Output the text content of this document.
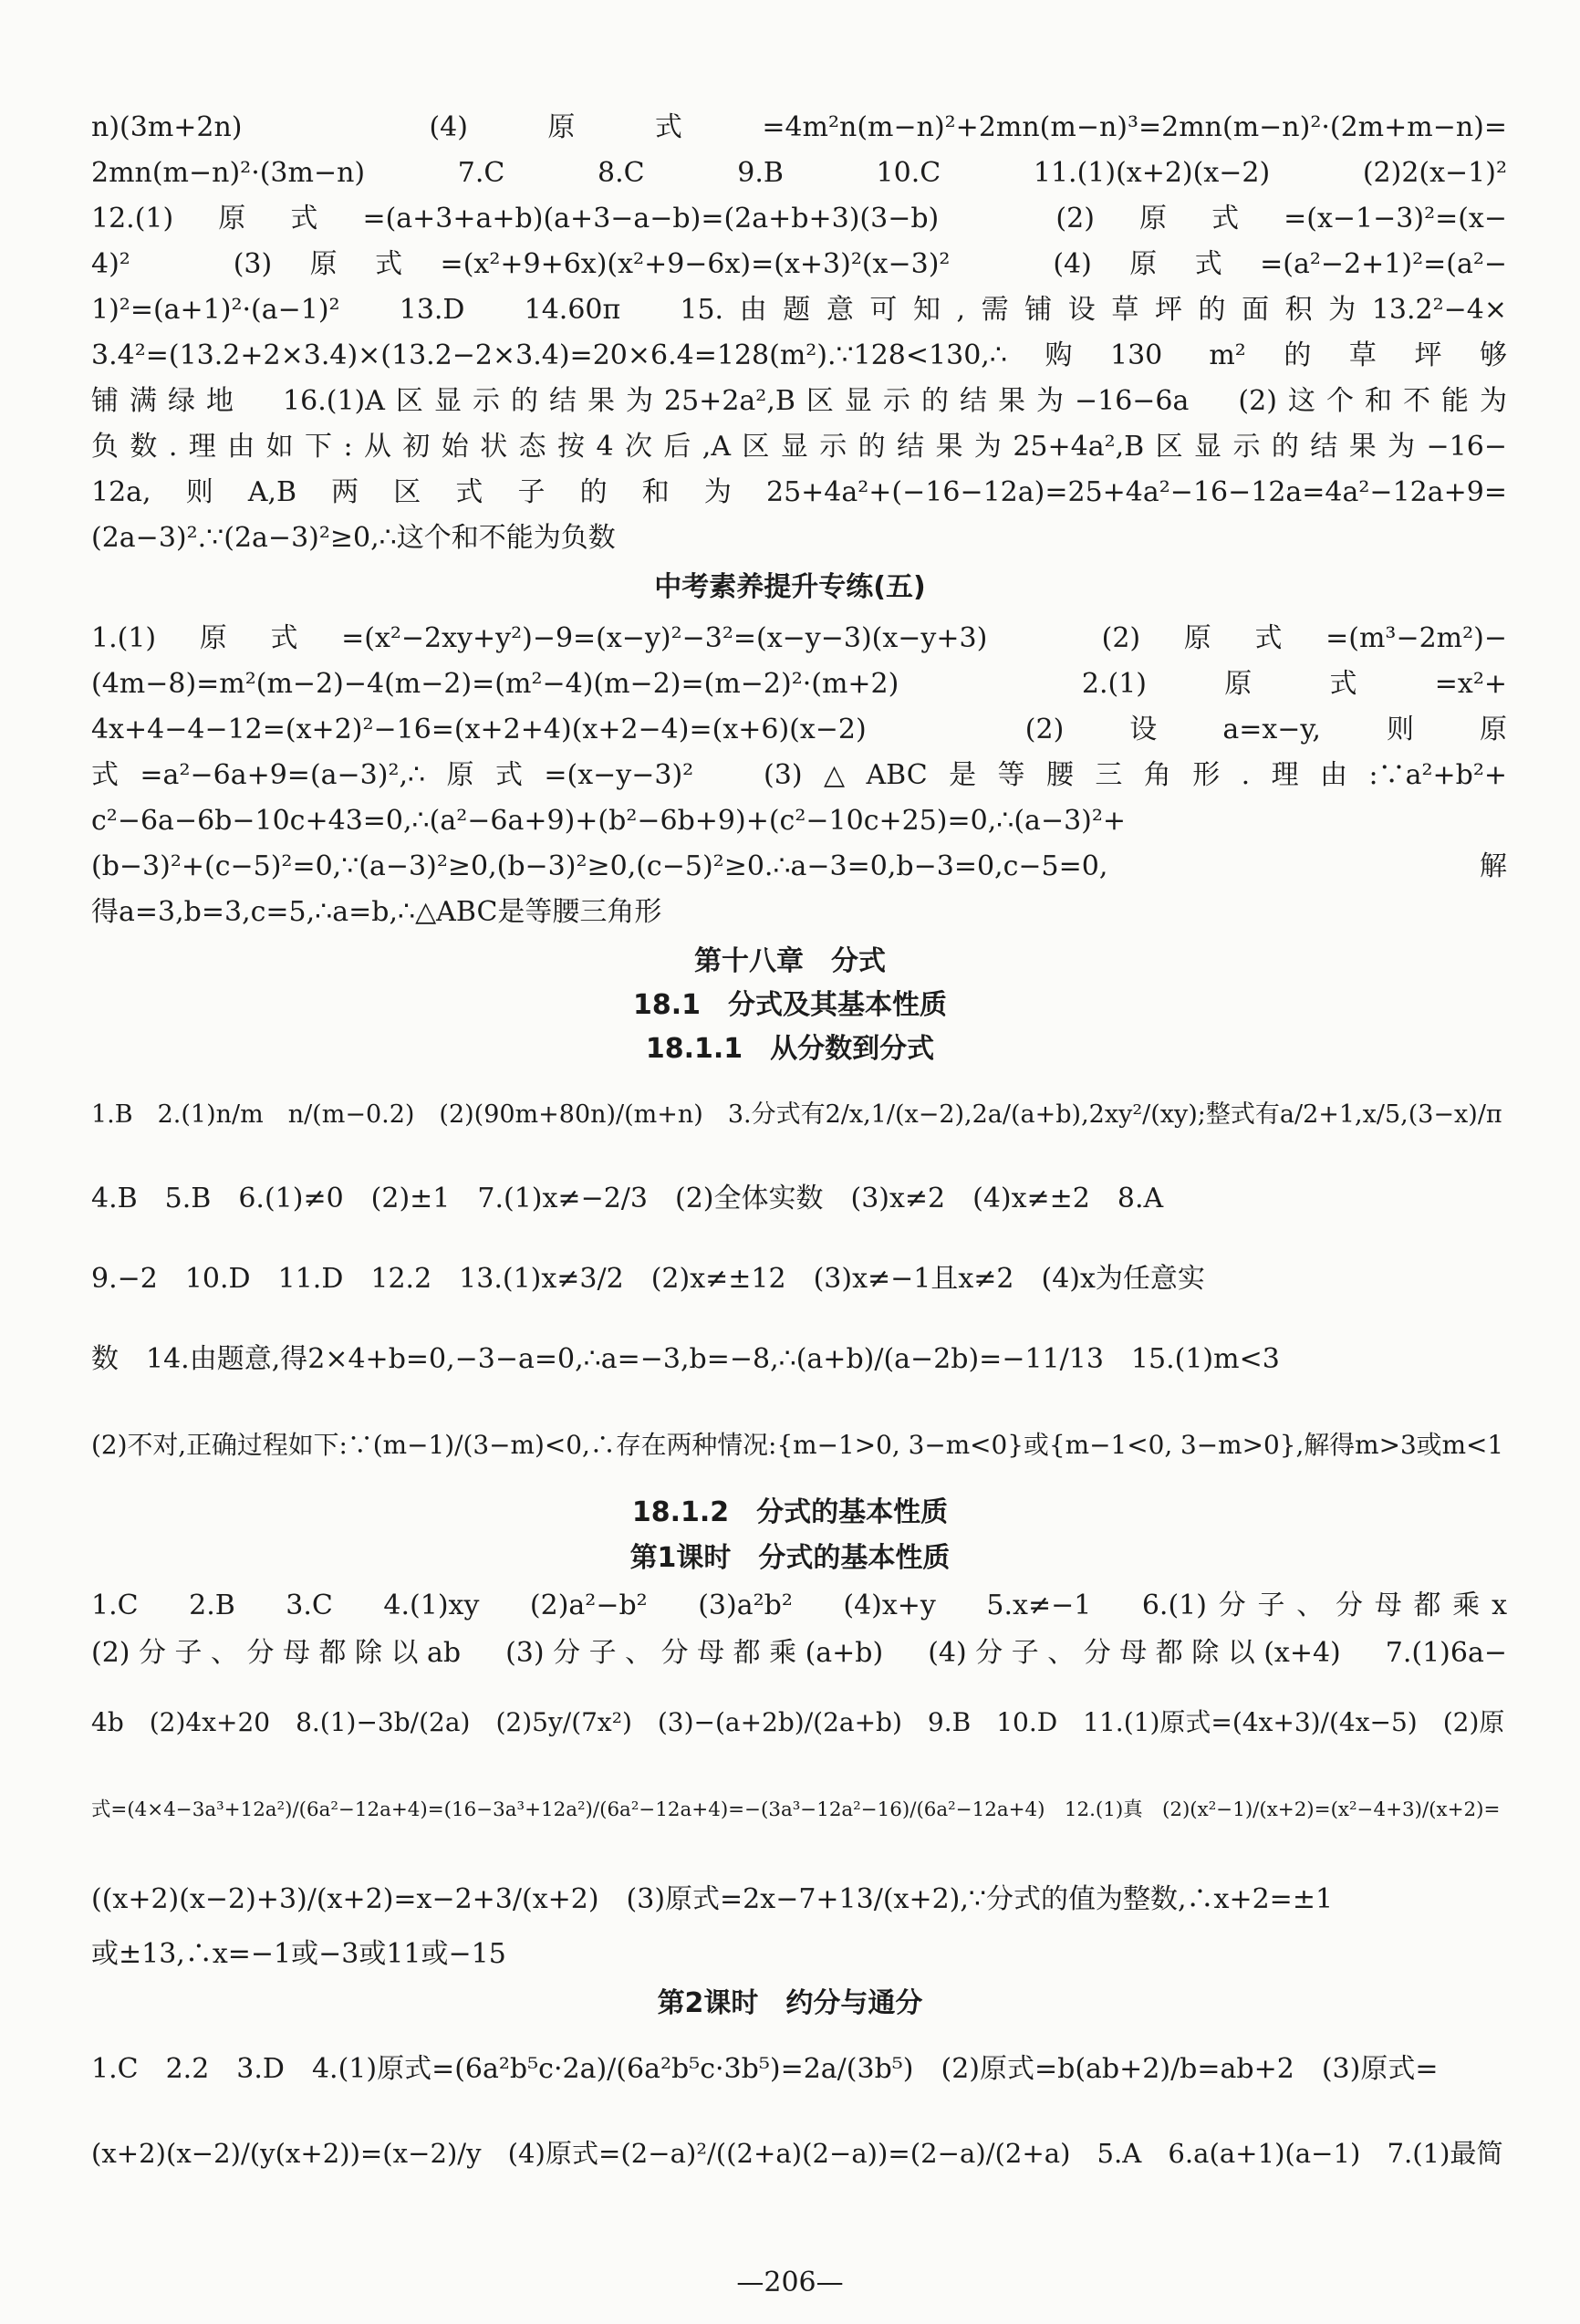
n)(3m+2n)　(4)原式=4m²n(m−n)²+2mn(m−n)³=2mn(m−n)²·(2m+m−n)=
2mn(m−n)²·(3m−n)　7.C　8.C　9.B　10.C　11.(1)(x+2)(x−2)　(2)2(x−1)²
12.(1)原式=(a+3+a+b)(a+3−a−b)=(2a+b+3)(3−b)　(2)原式=(x−1−3)²=(x−
4)²　(3)原式=(x²+9+6x)(x²+9−6x)=(x+3)²(x−3)²　(4)原式=(a²−2+1)²=(a²−
1)²=(a+1)²·(a−1)²　13.D　14.60π　15.由题意可知,需铺设草坪的面积为13.2²−4×
3.4²=(13.2+2×3.4)×(13.2−2×3.4)=20×6.4=128(m²).∵128<130,∴购130 m²的草坪够
铺满绿地　16.(1)A区显示的结果为25+2a²,B区显示的结果为−16−6a　(2)这个和不能为
负数.理由如下:从初始状态按4次后,A区显示的结果为25+4a²,B区显示的结果为−16−
12a,则A,B两区式子的和为25+4a²+(−16−12a)=25+4a²−16−12a=4a²−12a+9=
(2a−3)².∵(2a−3)²≥0,∴这个和不能为负数
中考素养提升专练(五)
1.(1)原式=(x²−2xy+y²)−9=(x−y)²−3²=(x−y−3)(x−y+3)　(2)原式=(m³−2m²)−
(4m−8)=m²(m−2)−4(m−2)=(m²−4)(m−2)=(m−2)²·(m+2)　2.(1)原式=x²+
4x+4−4−12=(x+2)²−16=(x+2+4)(x+2−4)=(x+6)(x−2)　(2)设a=x−y,则原
式=a²−6a+9=(a−3)²,∴原式=(x−y−3)²　(3)△ABC是等腰三角形.理由:∵a²+b²+
c²−6a−6b−10c+43=0,∴(a²−6a+9)+(b²−6b+9)+(c²−10c+25)=0,∴(a−3)²+
(b−3)²+(c−5)²=0,∵(a−3)²≥0,(b−3)²≥0,(c−5)²≥0.∴a−3=0,b−3=0,c−5=0,解
得a=3,b=3,c=5,∴a=b,∴△ABC是等腰三角形
第十八章　分式
18.1　分式及其基本性质
18.1.1　从分数到分式
1.B　2.(1)n/m　n/(m−0.2)　(2)(90m+80n)/(m+n)　3.分式有2/x,1/(x−2),2a/(a+b),2xy²/(xy);整式有a/2+1,x/5,(3−x)/π
4.B　5.B　6.(1)≠0　(2)±1　7.(1)x≠−2/3　(2)全体实数　(3)x≠2　(4)x≠±2　8.A
9.−2　10.D　11.D　12.2　13.(1)x≠3/2　(2)x≠±12　(3)x≠−1且x≠2　(4)x为任意实
数　14.由题意,得2×4+b=0,−3−a=0,∴a=−3,b=−8,∴(a+b)/(a−2b)=−11/13　15.(1)m<3
(2)不对,正确过程如下:∵(m−1)/(3−m)<0,∴存在两种情况:{m−1>0, 3−m<0}或{m−1<0, 3−m>0},解得m>3或m<1
18.1.2　分式的基本性质
第1课时　分式的基本性质
1.C　2.B　3.C　4.(1)xy　(2)a²−b²　(3)a²b²　(4)x+y　5.x≠−1　6.(1)分子、分母都乘x
(2)分子、分母都除以ab　(3)分子、分母都乘(a+b)　(4)分子、分母都除以(x+4)　7.(1)6a−
4b　(2)4x+20　8.(1)−3b/(2a)　(2)5y/(7x²)　(3)−(a+2b)/(2a+b)　9.B　10.D　11.(1)原式=(4x+3)/(4x−5)　(2)原
式=(4×4−3a³+12a²)/(6a²−12a+4)=(16−3a³+12a²)/(6a²−12a+4)=−(3a³−12a²−16)/(6a²−12a+4)　12.(1)真　(2)(x²−1)/(x+2)=(x²−4+3)/(x+2)=
((x+2)(x−2)+3)/(x+2)=x−2+3/(x+2)　(3)原式=2x−7+13/(x+2),∵分式的值为整数,∴x+2=±1
或±13,∴x=−1或−3或11或−15
第2课时　约分与通分
1.C　2.2　3.D　4.(1)原式=(6a²b⁵c·2a)/(6a²b⁵c·3b⁵)=2a/(3b⁵)　(2)原式=b(ab+2)/b=ab+2　(3)原式=
(x+2)(x−2)/(y(x+2))=(x−2)/y　(4)原式=(2−a)²/((2+a)(2−a))=(2−a)/(2+a)　5.A　6.a(a+1)(a−1)　7.(1)最简
—206—
